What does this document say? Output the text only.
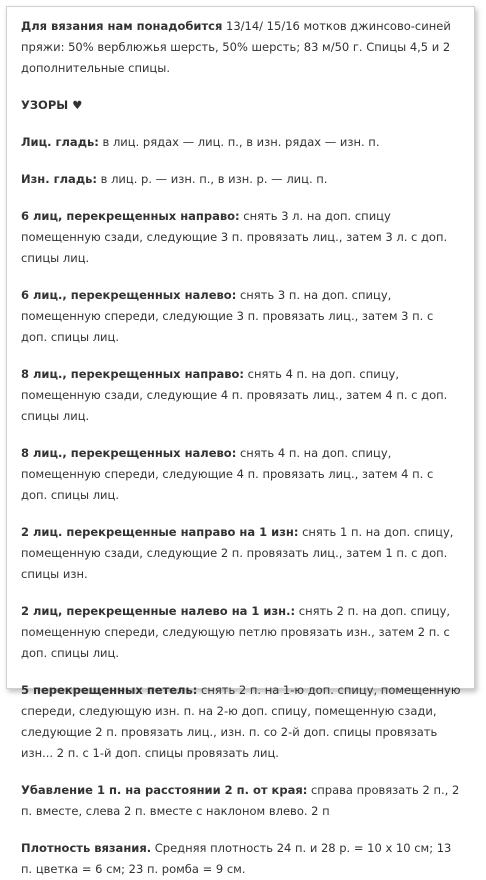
Для вязания нам понадобится 13/14/ 15/16 мотков джинсово-синей пряжи: 50% верблюжья шерсть, 50% шерсть; 83 м/50 г. Спицы 4,5 и 2 дополнительные спицы.

УЗОРЫ ♥

Лиц. гладь: в лиц. рядах — лиц. п., в изн. рядах — изн. п.

Изн. гладь: в лиц. р. — изн. п., в изн. р. — лиц. п.

6 лиц, перекрещенных направо: снять 3 л. на доп. спицу помещенную сзади, следующие 3 п. провязать лиц., затем 3 л. с доп. спицы лиц.

6 лиц., перекрещенных налево: снять 3 п. на доп. спицу, помещенную спереди, следующие 3 п. провязать лиц., затем 3 п. с доп. спицы лиц.

8 лиц., перекрещенных направо: снять 4 п. на доп. спицу, помещенную сзади, следующие 4 п. провязать лиц., затем 4 п. с доп. спицы лиц.

8 лиц., перекрещенных налево: снять 4 п. на доп. спицу, помещенную спереди, следующие 4 п. провязать лиц., затем 4 п. с доп. спицы лиц.

2 лиц. перекрещенные направо на 1 изн: снять 1 п. на доп. спицу, помещенную сзади, следующие 2 п. провязать лиц., затем 1 п. с доп. спицы изн.

2 лиц, перекрещенные налево на 1 изн.: снять 2 п. на доп. спицу, помещенную спереди, следующую петлю провязать изн., затем 2 п. с доп. спицы лиц.

5 перекрещенных петель: снять 2 п. на 1-ю доп. спицу, помещенную спереди, следующую изн. п. на 2-ю доп. спицу, помещенную сзади, следующие 2 п. провязать лиц., изн. п. со 2-й доп. спицы провязать изн... 2 п. с 1-й доп. спицы провязать лиц.

Убавление 1 п. на расстоянии 2 п. от края: справа провязать 2 п., 2 п. вместе, слева 2 п. вместе с наклоном влево. 2 п

Плотность вязания. Средняя плотность 24 п. и 28 р. = 10 х 10 см; 13 п. цветка = 6 см; 23 п. ромба = 9 см.
